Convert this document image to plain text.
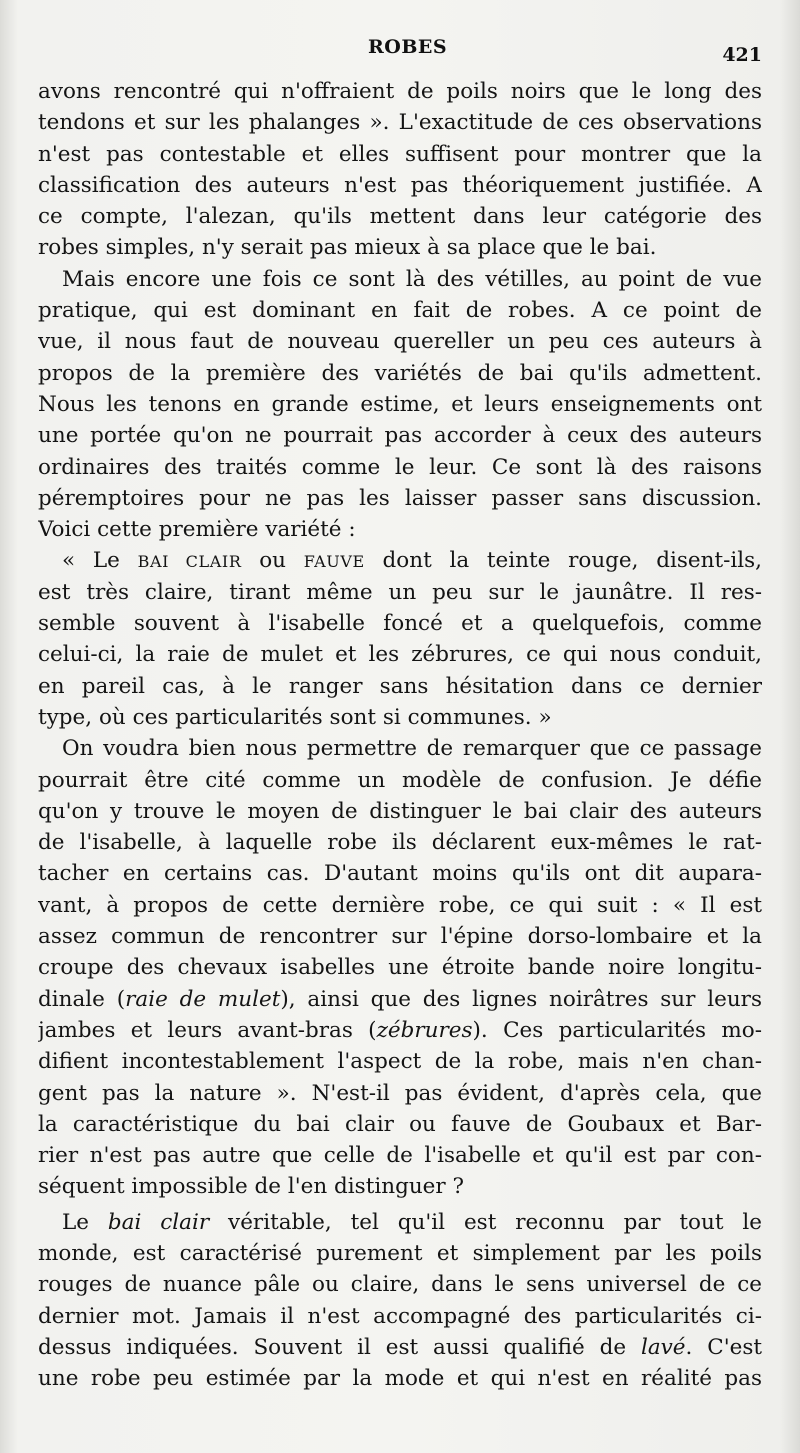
ROBES	421
avons rencontré qui n'offraient de poils noirs que le long des
tendons et sur les phalanges ». L'exactitude de ces observations
n'est pas contestable et elles suffisent pour montrer que la
classification des auteurs n'est pas théoriquement justifiée. A
ce compte, l'alezan, qu'ils mettent dans leur catégorie des
robes simples, n'y serait pas mieux à sa place que le bai.
Mais encore une fois ce sont là des vétilles, au point de vue
pratique, qui est dominant en fait de robes. A ce point de
vue, il nous faut de nouveau quereller un peu ces auteurs à
propos de la première des variétés de bai qu'ils admettent.
Nous les tenons en grande estime, et leurs enseignements ont
une portée qu'on ne pourrait pas accorder à ceux des auteurs
ordinaires des traités comme le leur. Ce sont là des raisons
péremptoires pour ne pas les laisser passer sans discussion.
Voici cette première variété :
« Le BAI CLAIR ou FAUVE dont la teinte rouge, disent-ils,
est très claire, tirant même un peu sur le jaunâtre. Il res-
semble souvent à l'isabelle foncé et a quelquefois, comme
celui-ci, la raie de mulet et les zébrures, ce qui nous conduit,
en pareil cas, à le ranger sans hésitation dans ce dernier
type, où ces particularités sont si communes. »
On voudra bien nous permettre de remarquer que ce passage
pourrait être cité comme un modèle de confusion. Je défie
qu'on y trouve le moyen de distinguer le bai clair des auteurs
de l'isabelle, à laquelle robe ils déclarent eux-mêmes le rat-
tacher en certains cas. D'autant moins qu'ils ont dit aupara-
vant, à propos de cette dernière robe, ce qui suit : « Il est
assez commun de rencontrer sur l'épine dorso-lombaire et la
croupe des chevaux isabelles une étroite bande noire longitu-
dinale (raie de mulet), ainsi que des lignes noirâtres sur leurs
jambes et leurs avant-bras (zébrures). Ces particularités mo-
difient incontestablement l'aspect de la robe, mais n'en chan-
gent pas la nature ». N'est-il pas évident, d'après cela, que
la caractéristique du bai clair ou fauve de Goubaux et Bar-
rier n'est pas autre que celle de l'isabelle et qu'il est par con-
séquent impossible de l'en distinguer ?
Le bai clair véritable, tel qu'il est reconnu par tout le
monde, est caractérisé purement et simplement par les poils
rouges de nuance pâle ou claire, dans le sens universel de ce
dernier mot. Jamais il n'est accompagné des particularités ci-
dessus indiquées. Souvent il est aussi qualifié de lavé. C'est
une robe peu estimée par la mode et qui n'est en réalité pas
